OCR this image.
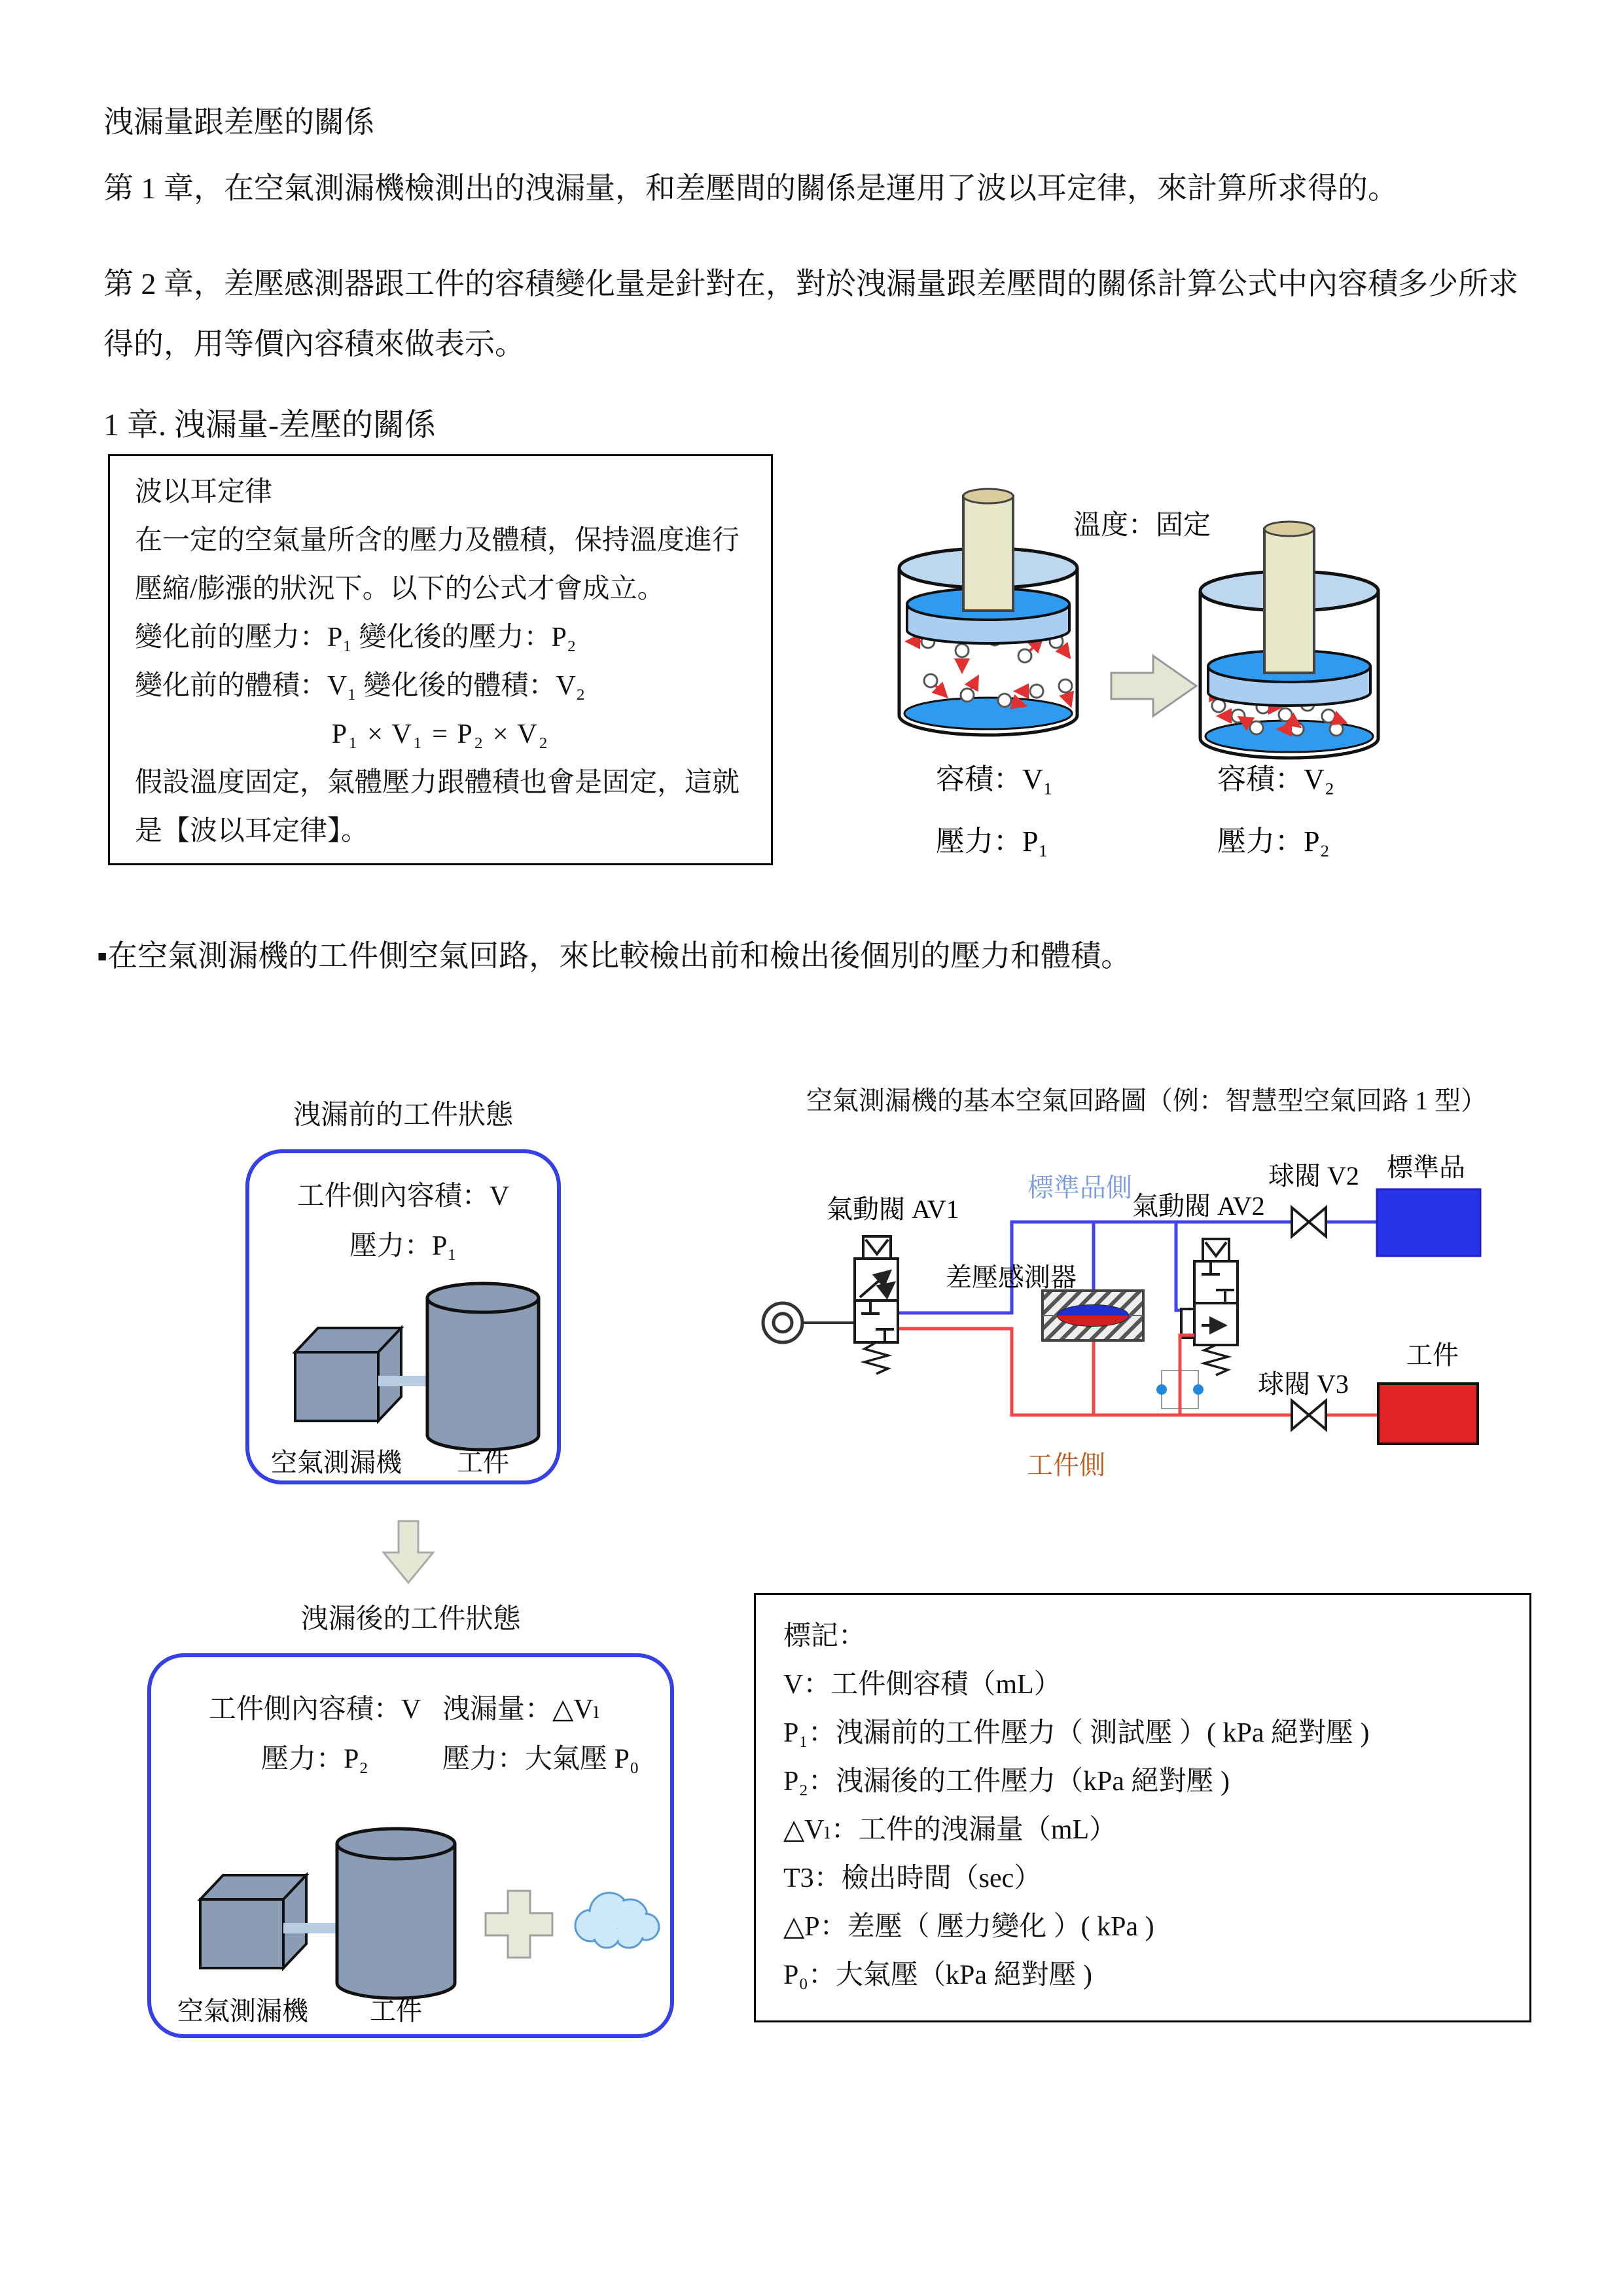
洩漏量跟差壓的關係
第 1 章，在空氣測漏機檢測出的洩漏量，和差壓間的關係是運用了波以耳定律，來計算所求得的。
第 2 章，差壓感測器跟工件的容積變化量是針對在，對於洩漏量跟差壓間的關係計算公式中內容積多少所求得的，用等價內容積來做表示。
1 章. 洩漏量-差壓的關係
波以耳定律
在一定的空氣量所含的壓力及體積，保持溫度進行壓縮/膨漲的狀況下。以下的公式才會成立。
變化前的壓力：P₁ 變化後的壓力：P₂
變化前的體積：V₁ 變化後的體積：V₂
P₁ × V₁ = P₂ × V₂
假設溫度固定，氣體壓力跟體積也會是固定，這就是【波以耳定律】。
溫度：固定
容積：V₁
壓力：P₁
容積：V₂
壓力：P₂
▪在空氣測漏機的工件側空氣回路，來比較檢出前和檢出後個別的壓力和體積。
空氣測漏機的基本空氣回路圖（例：智慧型空氣回路 1 型）
洩漏前的工件狀態
工件側內容積：V
壓力：P₁
空氣測漏機 工件
洩漏後的工件狀態
工件側內容積：V 洩漏量：△Vₗ
壓力：P₂	壓力：大氣壓 P₀
空氣測漏機 工件
氣動閥 AV1
標準品側
氣動閥 AV2
球閥 V2 標準品
差壓感測器
工件
球閥 V3
工件側
標記：
V：工件側容積（mL）
P₁：洩漏前的工件壓力（ 測試壓 ）( kPa 絕對壓 )
P₂：洩漏後的工件壓力（kPa 絕對壓 )
△Vₗ：工件的洩漏量（mL）
T3：檢出時間（sec）
△P：差壓（ 壓力變化 ）( kPa )
P₀：大氣壓（kPa 絕對壓 )
